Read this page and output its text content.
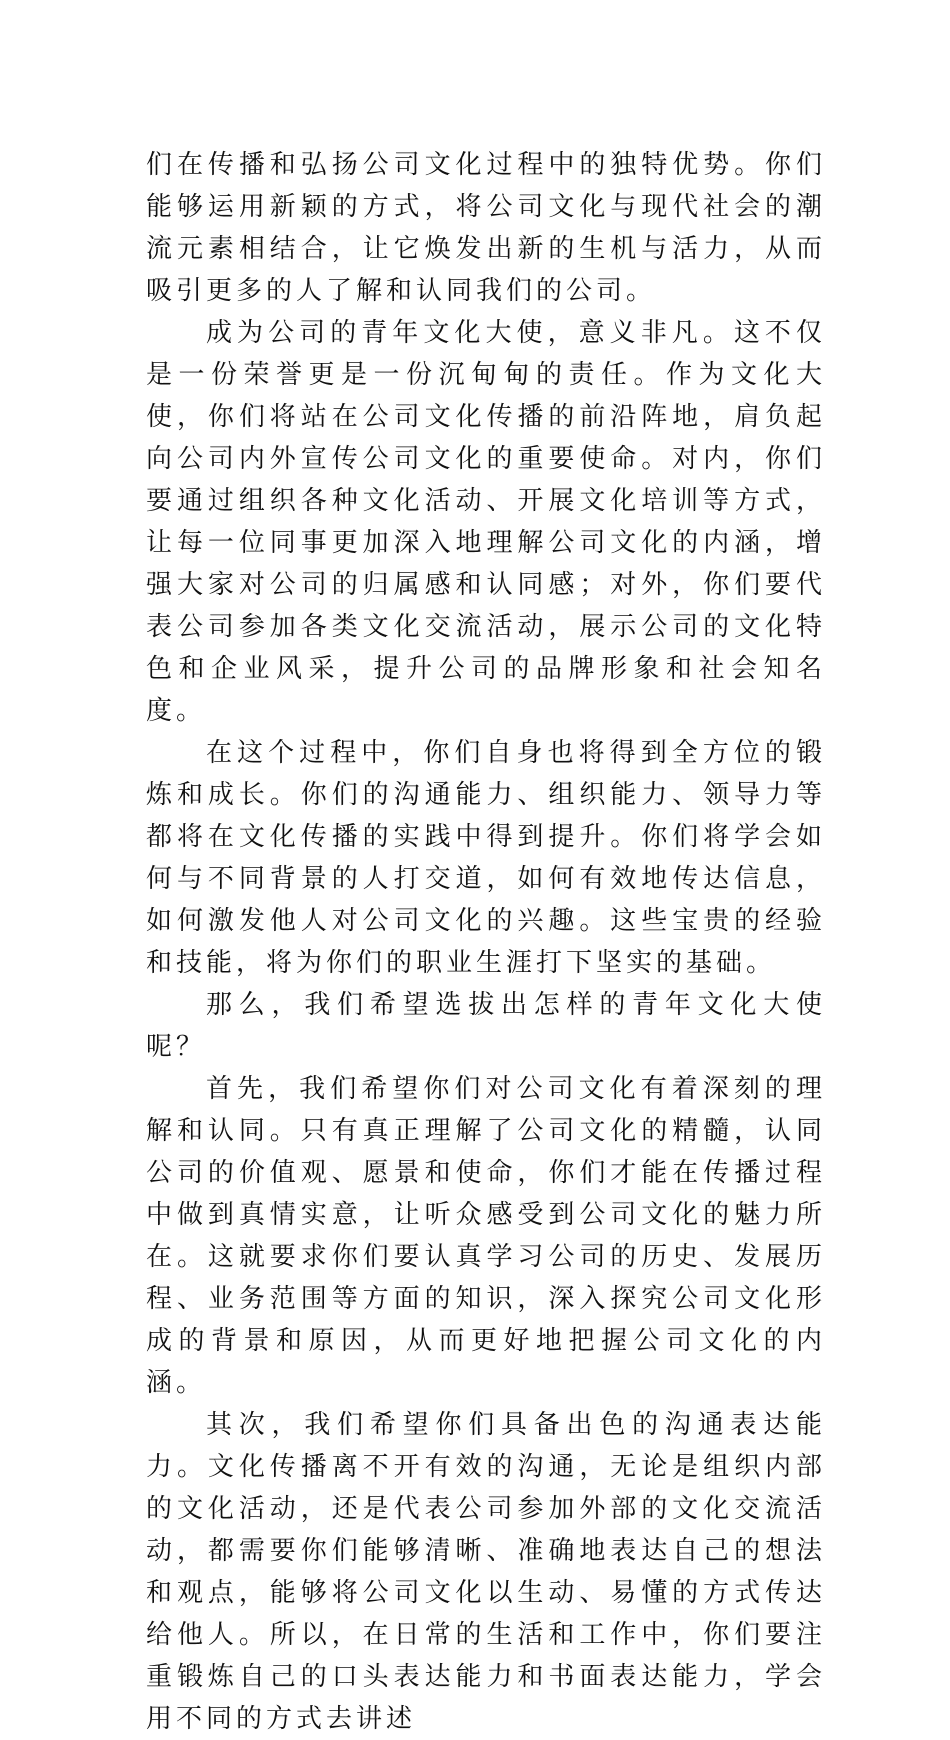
们在传播和弘扬公司文化过程中的独特优势。你们能够运用新颖的方式，将公司文化与现代社会的潮流元素相结合，让它焕发出新的生机与活力，从而吸引更多的人了解和认同我们的公司。

成为公司的青年文化大使，意义非凡。这不仅是一份荣誉更是一份沉甸甸的责任。作为文化大使，你们将站在公司文化传播的前沿阵地，肩负起向公司内外宣传公司文化的重要使命。对内，你们要通过组织各种文化活动、开展文化培训等方式，让每一位同事更加深入地理解公司文化的内涵，增强大家对公司的归属感和认同感；对外，你们要代表公司参加各类文化交流活动，展示公司的文化特色和企业风采，提升公司的品牌形象和社会知名度。

在这个过程中，你们自身也将得到全方位的锻炼和成长。你们的沟通能力、组织能力、领导力等都将在文化传播的实践中得到提升。你们将学会如何与不同背景的人打交道，如何有效地传达信息，如何激发他人对公司文化的兴趣。这些宝贵的经验和技能，将为你们的职业生涯打下坚实的基础。

那么，我们希望选拔出怎样的青年文化大使呢？

首先，我们希望你们对公司文化有着深刻的理解和认同。只有真正理解了公司文化的精髓，认同公司的价值观、愿景和使命，你们才能在传播过程中做到真情实意，让听众感受到公司文化的魅力所在。这就要求你们要认真学习公司的历史、发展历程、业务范围等方面的知识，深入探究公司文化形成的背景和原因，从而更好地把握公司文化的内涵。

其次，我们希望你们具备出色的沟通表达能力。文化传播离不开有效的沟通，无论是组织内部的文化活动，还是代表公司参加外部的文化交流活动，都需要你们能够清晰、准确地表达自己的想法和观点，能够将公司文化以生动、易懂的方式传达给他人。所以，在日常的生活和工作中，你们要注重锻炼自己的口头表达能力和书面表达能力，学会用不同的方式去讲述
